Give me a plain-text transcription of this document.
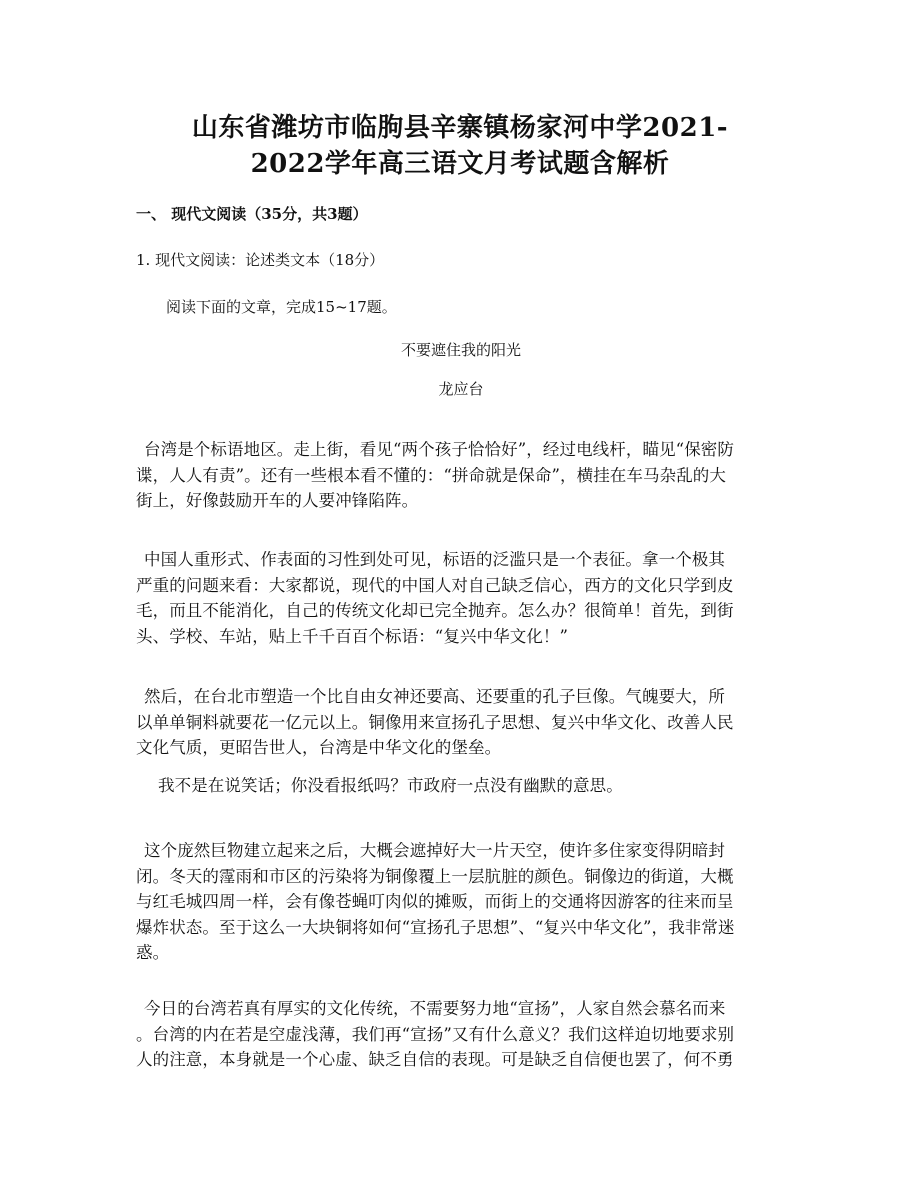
山东省潍坊市临朐县辛寨镇杨家河中学2021-
2022学年高三语文月考试题含解析
一、 现代文阅读（35分，共3题）
1. 现代文阅读：论述类文本（18分）
阅读下面的文章，完成15~17题。
不要遮住我的阳光
龙应台
台湾是个标语地区。走上街，看见“两个孩子恰恰好”，经过电线杆，瞄见“保密防
谍，人人有责”。还有一些根本看不懂的：“拼命就是保命”，横挂在车马杂乱的大
街上，好像鼓励开车的人要冲锋陷阵。
中国人重形式、作表面的习性到处可见，标语的泛滥只是一个表征。拿一个极其
严重的问题来看：大家都说，现代的中国人对自己缺乏信心，西方的文化只学到皮
毛，而且不能消化，自己的传统文化却已完全抛弃。怎么办？很简单！首先，到街
头、学校、车站，贴上千千百百个标语：“复兴中华文化！”
然后，在台北市塑造一个比自由女神还要高、还要重的孔子巨像。气魄要大，所
以单单铜料就要花一亿元以上。铜像用来宣扬孔子思想、复兴中华文化、改善人民
文化气质，更昭告世人，台湾是中华文化的堡垒。
我不是在说笑话；你没看报纸吗？市政府一点没有幽默的意思。
这个庞然巨物建立起来之后，大概会遮掉好大一片天空，使许多住家变得阴暗封
闭。冬天的霪雨和市区的污染将为铜像覆上一层肮脏的颜色。铜像边的街道，大概
与红毛城四周一样，会有像苍蝇叮肉似的摊贩，而街上的交通将因游客的往来而呈
爆炸状态。至于这么一大块铜将如何“宣扬孔子思想”、“复兴中华文化”，我非常迷
惑。
今日的台湾若真有厚实的文化传统，不需要努力地“宣扬”，人家自然会慕名而来
。台湾的内在若是空虚浅薄，我们再“宣扬”又有什么意义？我们这样迫切地要求别
人的注意，本身就是一个心虚、缺乏自信的表现。可是缺乏自信便也罢了，何不勇
